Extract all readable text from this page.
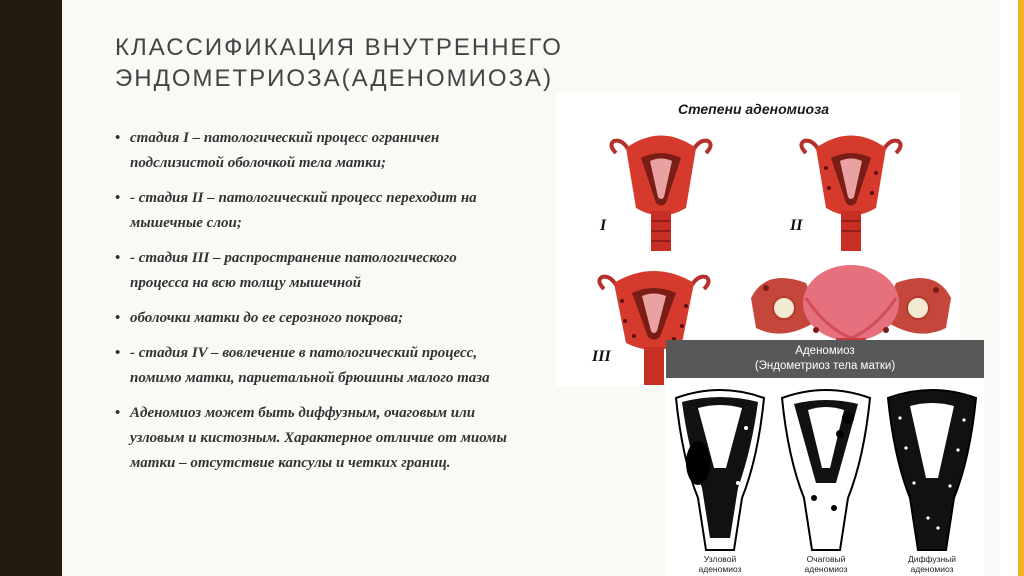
КЛАССИФИКАЦИЯ ВНУТРЕННЕГО
ЭНДОМЕТРИОЗА(АДЕНОМИОЗА)
• стадия I – патологический процесс ограничен подслизистой оболочкой тела матки;
• - стадия II – патологический процесс переходит на мышечные слои;
• - стадия III – распространение патологического процесса на всю толщу мышечной
• оболочки матки до ее серозного покрова;
• - стадия IV – вовлечение в патологический процесс, помимо матки, париетальной брюшины малого таза
• Аденомиоз может быть диффузным, очаговым или узловым и кистозным. Характерное отличие от миомы матки – отсутствие капсулы и четких границ.
Степени аденомиоза
I	II
III	Аденомиоз
(Эндометриоз тела матки)
Узловой
аденомиоз
Очаговый
аденомиоз
Диффузный
аденомиоз
